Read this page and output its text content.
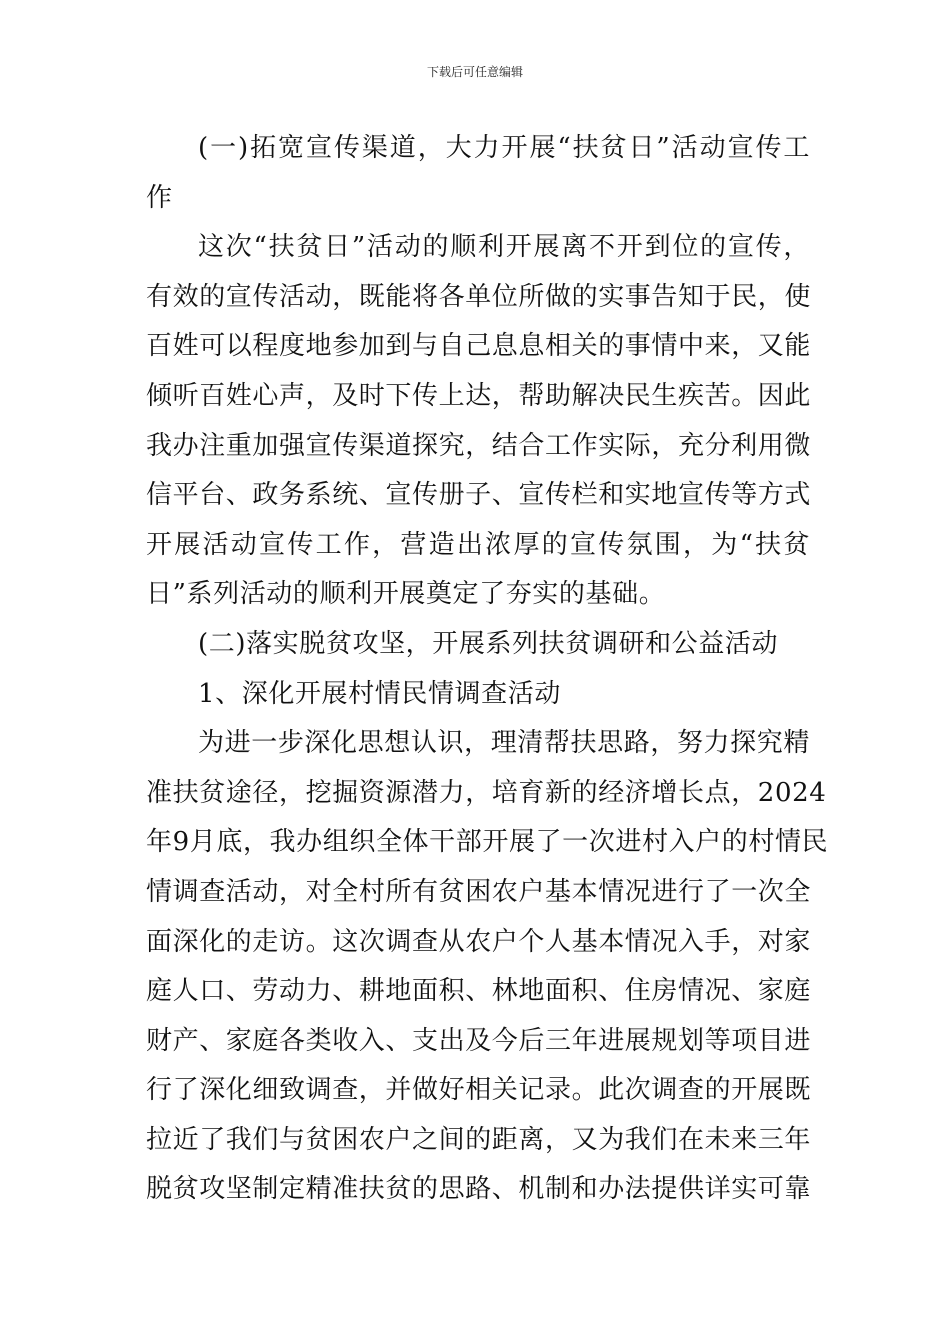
下载后可任意编辑
(一)拓宽宣传渠道，大力开展“扶贫日”活动宣传工
作
这次“扶贫日”活动的顺利开展离不开到位的宣传，
有效的宣传活动，既能将各单位所做的实事告知于民，使
百姓可以程度地参加到与自己息息相关的事情中来，又能
倾听百姓心声，及时下传上达，帮助解决民生疾苦。因此
我办注重加强宣传渠道探究，结合工作实际，充分利用微
信平台、政务系统、宣传册子、宣传栏和实地宣传等方式
开展活动宣传工作，营造出浓厚的宣传氛围，为“扶贫
日”系列活动的顺利开展奠定了夯实的基础。
(二)落实脱贫攻坚，开展系列扶贫调研和公益活动
1、深化开展村情民情调查活动
为进一步深化思想认识，理清帮扶思路，努力探究精
准扶贫途径，挖掘资源潜力，培育新的经济增长点，2024
年9月底，我办组织全体干部开展了一次进村入户的村情民
情调查活动，对全村所有贫困农户基本情况进行了一次全
面深化的走访。这次调查从农户个人基本情况入手，对家
庭人口、劳动力、耕地面积、林地面积、住房情况、家庭
财产、家庭各类收入、支出及今后三年进展规划等项目进
行了深化细致调查，并做好相关记录。此次调查的开展既
拉近了我们与贫困农户之间的距离，又为我们在未来三年
脱贫攻坚制定精准扶贫的思路、机制和办法提供详实可靠
